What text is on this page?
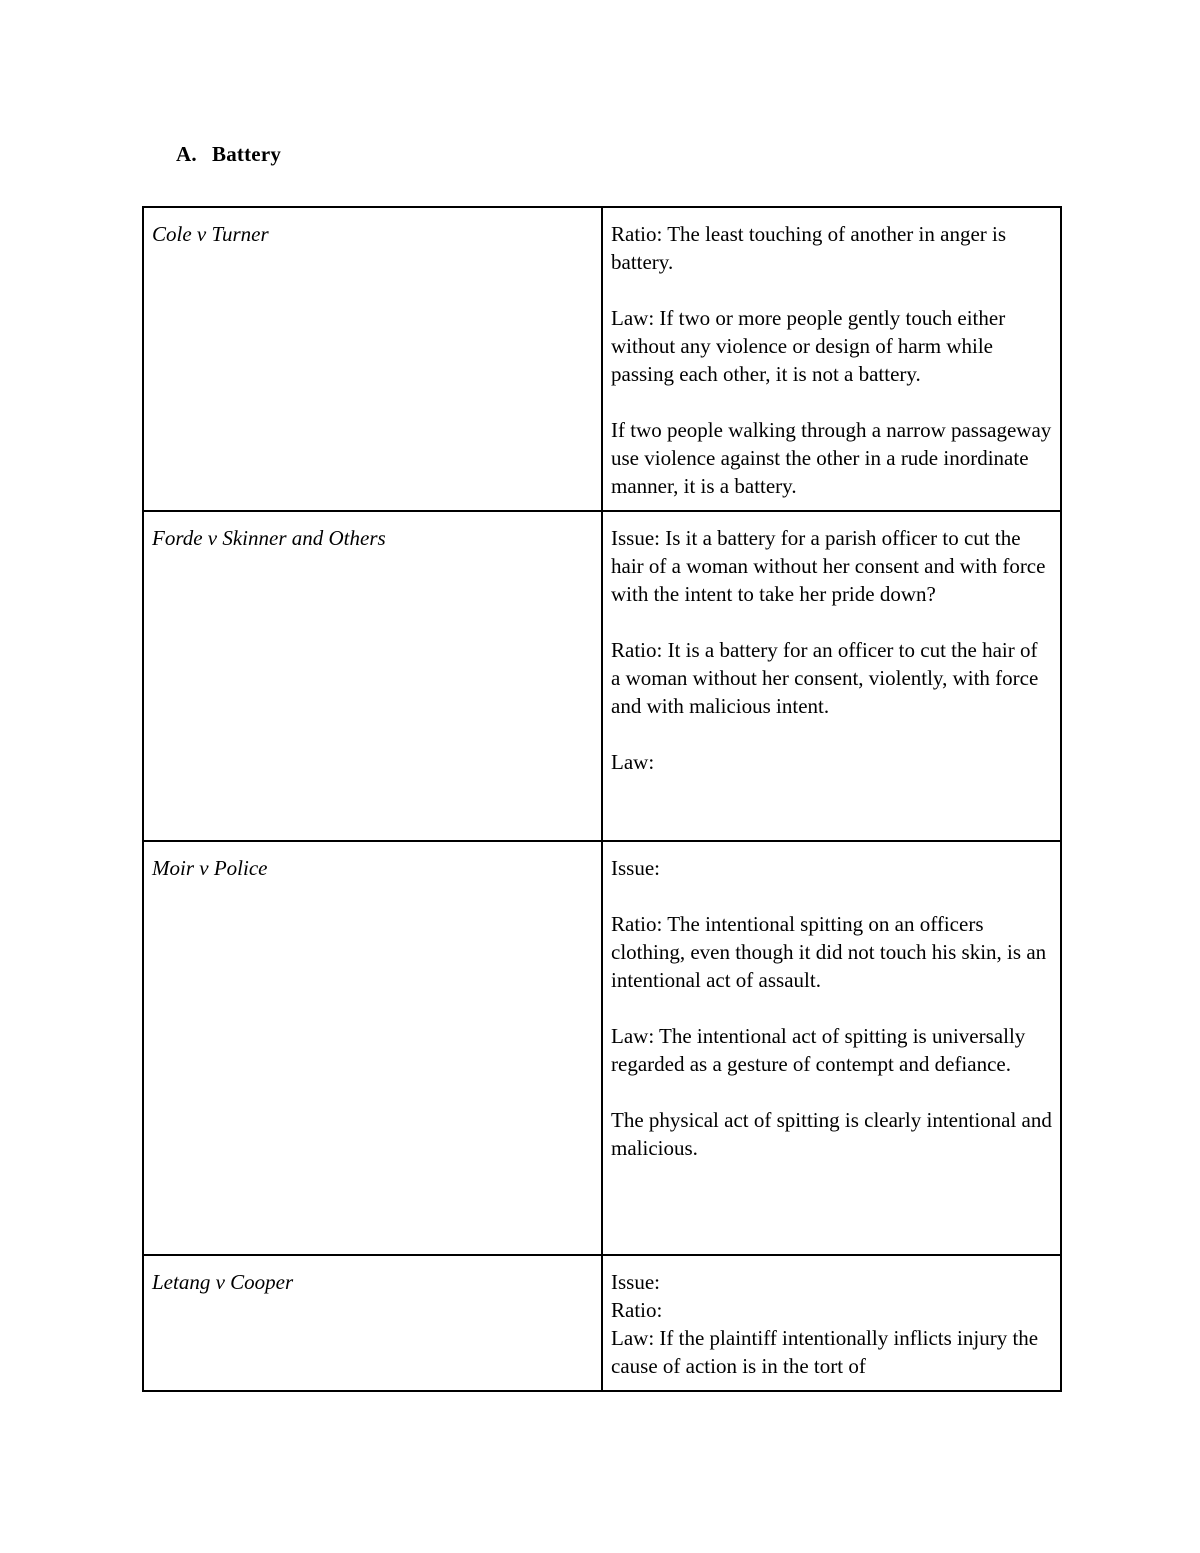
A. Battery
Cole v Turner	Ratio: The least touching of another in anger is battery.

Law: If two or more people gently touch either without any violence or design of harm while passing each other, it is not a battery.

If two people walking through a narrow passageway use violence against the other in a rude inordinate manner, it is a battery.

Forde v Skinner and Others	Issue: Is it a battery for a parish officer to cut the hair of a woman without her consent and with force with the intent to take her pride down?

Ratio: It is a battery for an officer to cut the hair of a woman without her consent, violently, with force and with malicious intent.

Law:

Moir v Police	Issue:

Ratio: The intentional spitting on an officers clothing, even though it did not touch his skin, is an intentional act of assault.

Law: The intentional act of spitting is universally regarded as a gesture of contempt and defiance.

The physical act of spitting is clearly intentional and malicious.

Letang v Cooper	Issue:

Ratio:

Law: If the plaintiff intentionally inflicts injury the cause of action is in the tort of
